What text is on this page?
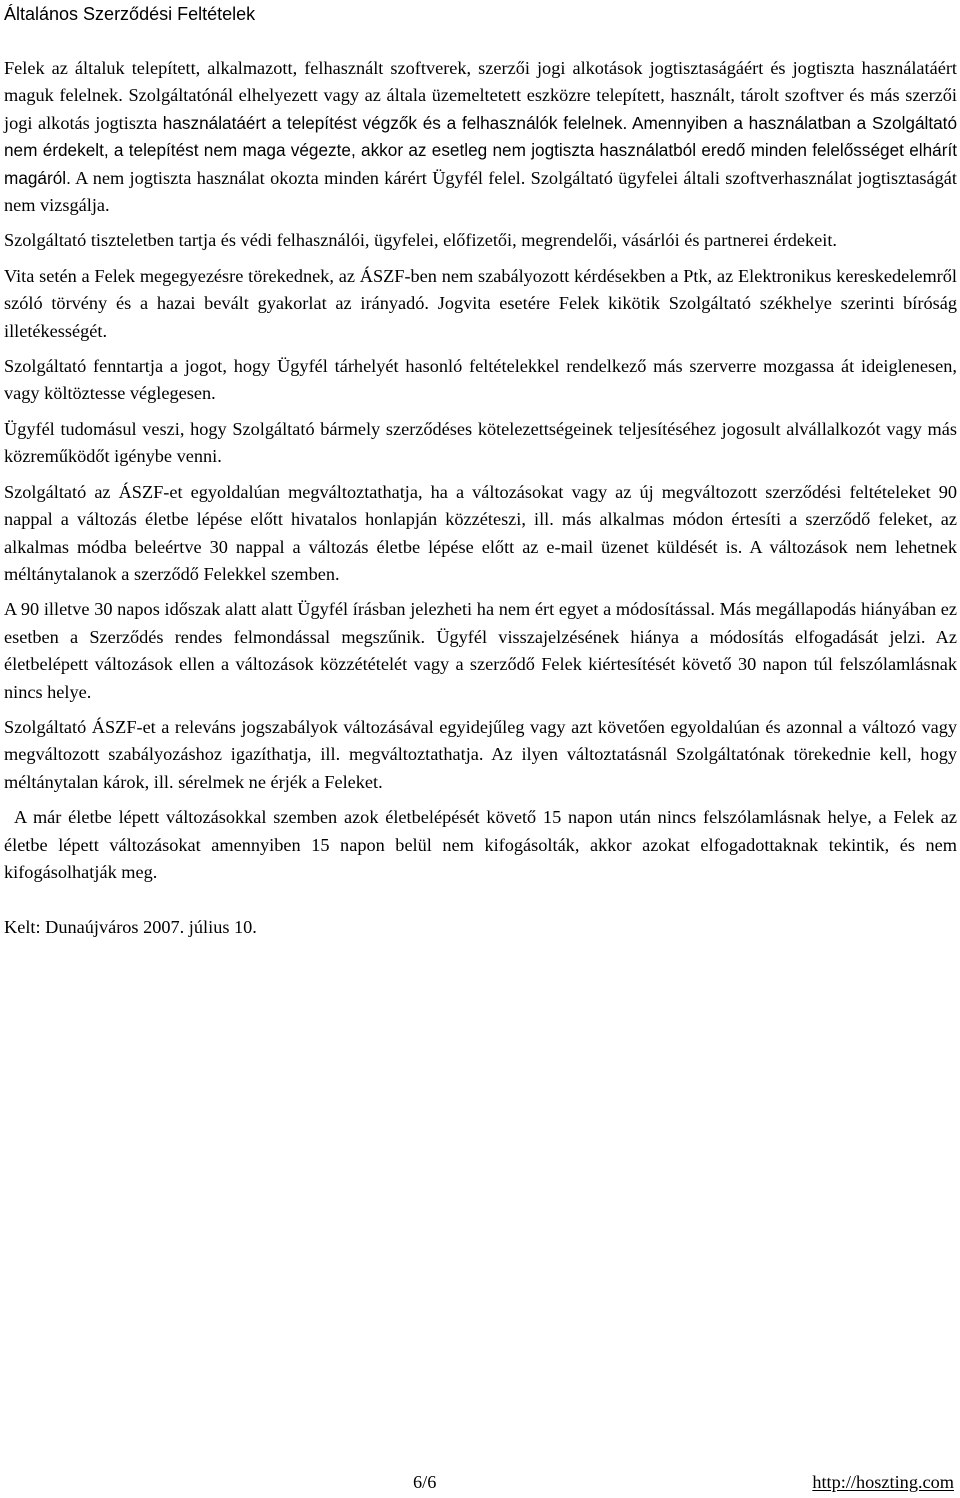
Általános Szerződési Feltételek

Felek az általuk telepített, alkalmazott, felhasznált szoftverek, szerzői jogi alkotások jogtisztaságáért és jogtiszta használatáért maguk felelnek. Szolgáltatónál elhelyezett vagy az általa üzemeltetett eszközre telepített, használt, tárolt szoftver és más szerzői jogi alkotás jogtiszta használatáért a telepítést végzők és a felhasználók felelnek. Amennyiben a használatban a Szolgáltató nem érdekelt, a telepítést nem maga végezte, akkor az esetleg nem jogtiszta használatból eredő minden felelősséget elhárít magáról. A nem jogtiszta használat okozta minden kárért Ügyfél felel. Szolgáltató ügyfelei általi szoftverhasználat jogtisztaságát nem vizsgálja.

Szolgáltató tiszteletben tartja és védi felhasználói, ügyfelei, előfizetői, megrendelői, vásárlói és partnerei érdekeit.

Vita setén a Felek megegyezésre törekednek, az ÁSZF-ben nem szabályozott kérdésekben a Ptk, az Elektronikus kereskedelemről szóló törvény és a hazai bevált gyakorlat az irányadó. Jogvita esetére Felek kikötik Szolgáltató székhelye szerinti bíróság illetékességét.

Szolgáltató fenntartja a jogot, hogy Ügyfél tárhelyét hasonló feltételekkel rendelkező más szerverre mozgassa át ideiglenesen, vagy költöztesse véglegesen.

Ügyfél tudomásul veszi, hogy Szolgáltató bármely szerződéses kötelezettségeinek teljesítéséhez jogosult alvállalkozót vagy más közreműködőt igénybe venni.

Szolgáltató az ÁSZF-et egyoldalúan megváltoztathatja, ha a változásokat vagy az új megváltozott szerződési feltételeket 90 nappal a változás életbe lépése előtt hivatalos honlapján közzéteszi, ill. más alkalmas módon értesíti a szerződő feleket, az alkalmas módba beleértve 30 nappal a változás életbe lépése előtt az e-mail üzenet küldését is. A változások nem lehetnek méltánytalanok a szerződő Felekkel szemben.

A 90 illetve 30 napos időszak alatt alatt Ügyfél írásban jelezheti ha nem ért egyet a módosítással. Más megállapodás hiányában ez esetben a Szerződés rendes felmondással megszűnik. Ügyfél visszajelzésének hiánya a módosítás elfogadását jelzi. Az életbelépett változások ellen a változások közzétételét vagy a szerződő Felek kiértesítését követő 30 napon túl felszólamlásnak nincs helye.

Szolgáltató ÁSZF-et a releváns jogszabályok változásával egyidejűleg vagy azt követően egyoldalúan és azonnal a változó vagy megváltozott szabályozáshoz igazíthatja, ill. megváltoztathatja. Az ilyen változtatásnál Szolgáltatónak törekednie kell, hogy méltánytalan károk, ill. sérelmek ne érjék a Feleket.

A már életbe lépett változásokkal szemben azok életbelépését követő 15 napon után nincs felszólamlásnak helye, a Felek az életbe lépett változásokat amennyiben 15 napon belül nem kifogásolták, akkor azokat elfogadottaknak tekintik, és nem kifogásolhatják meg.

Kelt: Dunaújváros 2007. július 10.

6/6	http://hoszting.com
